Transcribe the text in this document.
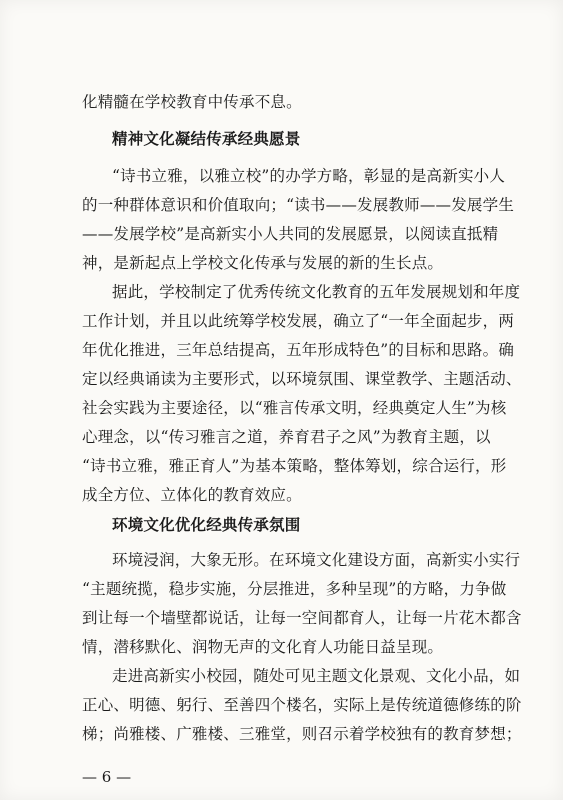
化精髓在学校教育中传承不息。
精神文化凝结传承经典愿景
“诗书立雅，以雅立校”的办学方略，彰显的是高新实小人
的一种群体意识和价值取向；“读书——发展教师——发展学生
——发展学校”是高新实小人共同的发展愿景，以阅读直抵精
神，是新起点上学校文化传承与发展的新的生长点。
据此，学校制定了优秀传统文化教育的五年发展规划和年度
工作计划，并且以此统筹学校发展，确立了“一年全面起步，两
年优化推进，三年总结提高，五年形成特色”的目标和思路。确
定以经典诵读为主要形式，以环境氛围、课堂教学、主题活动、
社会实践为主要途径，以“雅言传承文明，经典奠定人生”为核
心理念，以“传习雅言之道，养育君子之风”为教育主题，以
“诗书立雅，雅正育人”为基本策略，整体筹划，综合运行，形
成全方位、立体化的教育效应。
环境文化优化经典传承氛围
环境浸润，大象无形。在环境文化建设方面，高新实小实行
“主题统揽，稳步实施，分层推进，多种呈现”的方略，力争做
到让每一个墙壁都说话，让每一空间都育人，让每一片花木都含
情，潜移默化、润物无声的文化育人功能日益呈现。
走进高新实小校园，随处可见主题文化景观、文化小品，如
正心、明德、躬行、至善四个楼名，实际上是传统道德修练的阶
梯；尚雅楼、广雅楼、三雅堂，则召示着学校独有的教育梦想；
— 6 —
